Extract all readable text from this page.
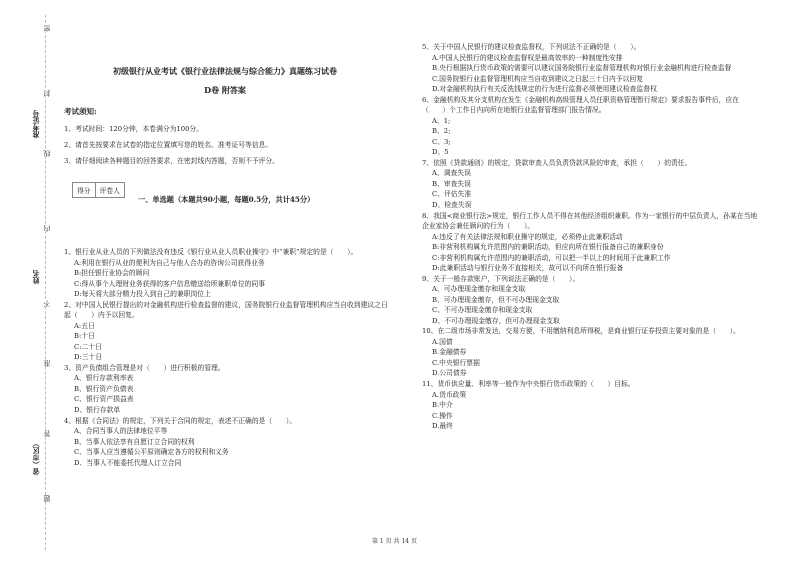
密
封
线
内
不
准
答
题
准考证号
姓名
省（市区）
初级银行从业考试《银行业法律法规与综合能力》真题练习试卷
D卷 附答案
考试须知:
1、考试时间：120分钟，本卷满分为100分。
2、请首先按要求在试卷的指定位置填写您的姓名、准考证号等信息。
3、请仔细阅读各种题目的回答要求，在密封线内答题，否则不予评分。
得分	评卷人
一、单选题（本题共90小题，每题0.5分，共计45分）
1、银行业从业人员的下列做法没有违反《银行业从业人员职业操守》中“兼职”规定的是（　　）。
A:利用在银行从业的便利为自己与他人合办的咨询公司获得业务
B:担任银行业协会的顾问
C:得从事个人理财业务获得的客户信息赠送给所兼职单位的同事
D:每天将大部分精力投入到自己的兼职岗位上
2、对中国人民银行提出的对金融机构进行检查监督的建议，国务院银行业监督管理机构应当自收到建议之日起（　　）内予以回复。
A:五日
B:十日
C:二十日
D:三十日
3、资产负债组合管理是对（　　）进行积极的管理。
A、银行存款利率表
B、银行资产负债表
C、银行资产损益表
D、银行存款单
4、根据《合同法》的规定，下列关于合同的规定，表述不正确的是（　　）。
A、合同当事人的法律地位平等
B、当事人依法享有自愿订立合同的权利
C、当事人应当遵循公平原则确定各方的权利和义务
D、当事人不能委托代理人订立合同
5、关于中国人民银行的建议检查监督权，下列说法不正确的是（　　）。
A.中国人民银行的建议检查监督权是最高效率的一种制度性安排
B.央行根据执行货币政策的需要可以建议国务院银行业监督管理机构对银行业金融机构进行检查监督
C.国务院银行业监督管理机构应当自收到建议之日起三十日内予以回复
D.对金融机构执行有关反洗钱规定的行为进行监督必须使用建议检查监督权
6、金融机构及其分支机构在发生《金融机构高级管理人员任职资格管理暂行规定》要求报告事件后，应在（　　）个工作日内向所在地银行业监督管理部门报告情况。
A、1;
B、2;
C、3;
D、5
7、依照《贷款通则》的规定，贷款审查人员负责贷款风险的审查，承担（　　）的责任。
A、调查失误
B、审查失误
C、评估失准
D、检查失误
8、我国<商业银行法>规定，银行工作人员不得在其他经济组织兼职。作为一家银行的中层负责人，孙某在当地企业家协会兼任顾问的行为（　　）。
A:违反了有关法律法规和职业操守的规定，必须停止此兼职活动
B:非营利机构属允许范围内的兼职活动，但应向所在银行报备自己的兼职身份
C:非营利机构属允许范围内的兼职活动，可以把一半以上的时间用于此兼职工作
D:此兼职活动与银行业务不直接相关，故可以不向所在银行报备
9、关于一般存款账户，下列说法正确的是（　　）。
A、可办理现金缴存和现金支取
B、可办理现金缴存，但不可办理现金支取
C、不可办理现金缴存和现金支取
D、不可办理现金缴存，但可办理现金支取
10、在二级市场非常发达，交易方便，不用缴纳利息所得税，是商业银行证券投资主要对象的是（　　）。
A.国债
B.金融债券
C.中央银行票据
D.公司债券
11、货币供应量、利率等一般作为中央银行货币政策的（　　）目标。
A.货币政策
B.中介
C.操作
D.最终
第 1 页 共 14 页
